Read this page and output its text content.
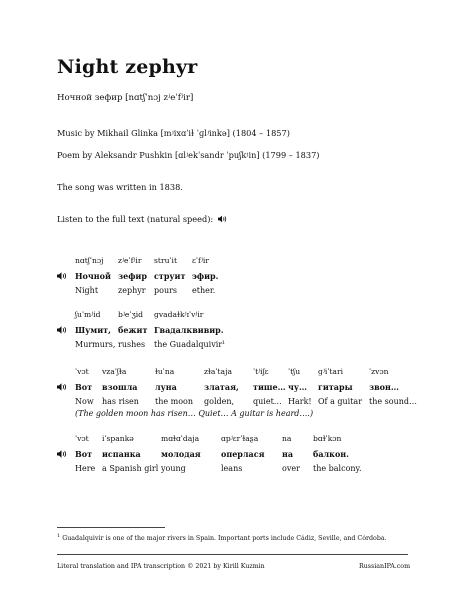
Night zephyr
Ночной зефир [nɑtʃˈnɔj zʲeˈfʲir]
Music by Mikhail Glinka [mʲixɑˈiɫ ˈɡlʲinkə] (1804 – 1857)
Poem by Aleksandr Pushkin [ɑlʲekˈsandr ˈpuʃkʲin] (1799 – 1837)
The song was written in 1838.
Listen to the full text (natural speed):
nɑtʃˈnɔj
Ночной
Night
zʲeˈfʲir
зефир
zephyr
struˈit
струит
pours
ɛˈfʲir
эфир.
ether.
ʃuˈmʲid
Шумит,
Murmurs,
bʲeˈʒid
бежит
rushes
ɡvadaɫkʲɪˈvʲir
Гвадалквивир.
the Guadalquivir$^1$
ˈvɔt
Вот
Now
vzaˈʃɫa
взошла
has risen
ɫuˈna
луна
the moon
zɫaˈtaja
златая,
golden,
ˈtʲiʃɛ
тише…
quiet…
ˈtʃu
чу…
Hark!
ɡʲiˈtari
гитары
Of a guitar
ˈzvɔn
звон…
the sound…
(The golden moon has risen… Quiet… A guitar is heard….)
ˈvɔt
Вот
Here
iˈspankə
испанка
a Spanish girl
mɑɫɑˈdaja
молодая
young
ɑpʲɛrˈɫaʂa
оперлася
leans
na
на
over
bɑɫˈkɔn
балкон.
the balcony.
$^1$ Guadalquivir is one of the major rivers in Spain. Important ports include Cádiz, Seville, and Córdoba.
Literal translation and IPA transcription © 2021 by Kirill Kuzmin	RussianIPA.com
